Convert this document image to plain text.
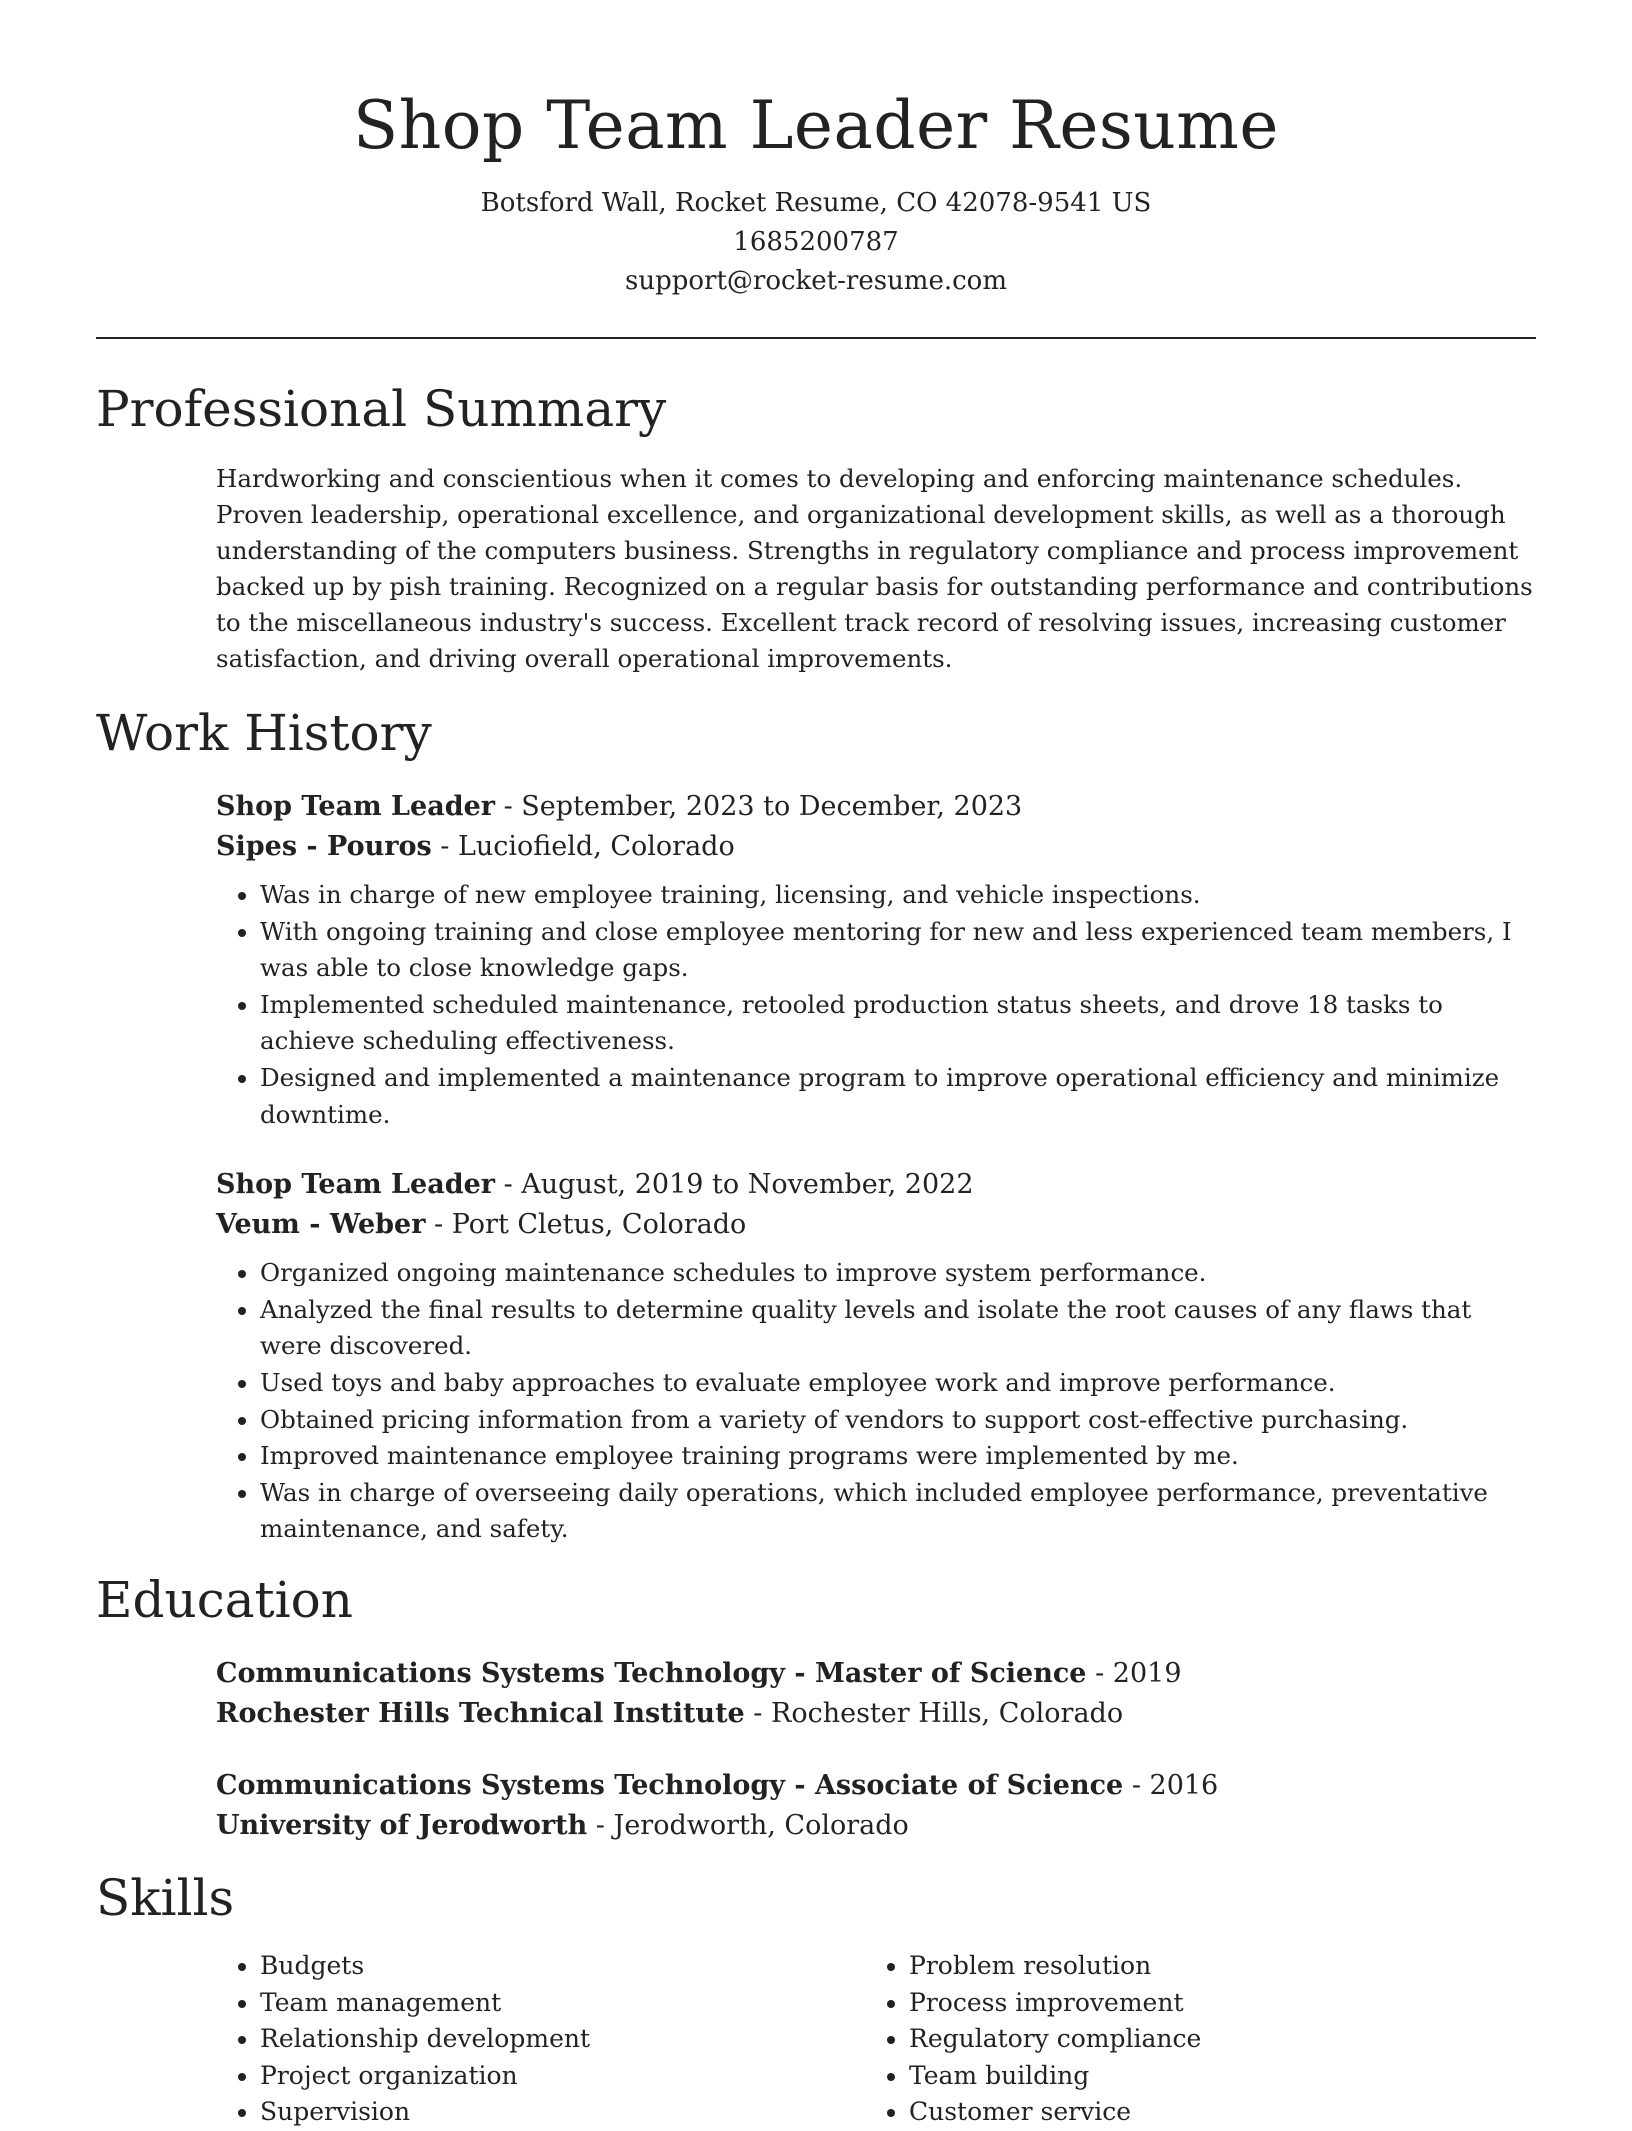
Shop Team Leader Resume
Botsford Wall, Rocket Resume, CO 42078-9541 US
1685200787
support@rocket-resume.com
Professional Summary

Hardworking and conscientious when it comes to developing and enforcing maintenance schedules. Proven leadership, operational excellence, and organizational development skills, as well as a thorough understanding of the computers business. Strengths in regulatory compliance and process improvement backed up by pish training. Recognized on a regular basis for outstanding performance and contributions to the miscellaneous industry's success. Excellent track record of resolving issues, increasing customer satisfaction, and driving overall operational improvements.

Work History
Shop Team Leader - September, 2023 to December, 2023
Sipes - Pouros - Luciofield, Colorado
• Was in charge of new employee training, licensing, and vehicle inspections.
• With ongoing training and close employee mentoring for new and less experienced team members, I was able to close knowledge gaps.
• Implemented scheduled maintenance, retooled production status sheets, and drove 18 tasks to achieve scheduling effectiveness.
• Designed and implemented a maintenance program to improve operational efficiency and minimize downtime.
Shop Team Leader - August, 2019 to November, 2022
Veum - Weber - Port Cletus, Colorado
• Organized ongoing maintenance schedules to improve system performance.
• Analyzed the final results to determine quality levels and isolate the root causes of any flaws that were discovered.
• Used toys and baby approaches to evaluate employee work and improve performance.
• Obtained pricing information from a variety of vendors to support cost-effective purchasing.
• Improved maintenance employee training programs were implemented by me.
• Was in charge of overseeing daily operations, which included employee performance, preventative maintenance, and safety.
Education
Communications Systems Technology - Master of Science - 2019
Rochester Hills Technical Institute - Rochester Hills, Colorado
Communications Systems Technology - Associate of Science - 2016
University of Jerodworth - Jerodworth, Colorado
Skills
• Budgets
• Team management
• Relationship development
• Project organization
• Supervision
• Problem resolution
• Process improvement
• Regulatory compliance
• Team building
• Customer service
